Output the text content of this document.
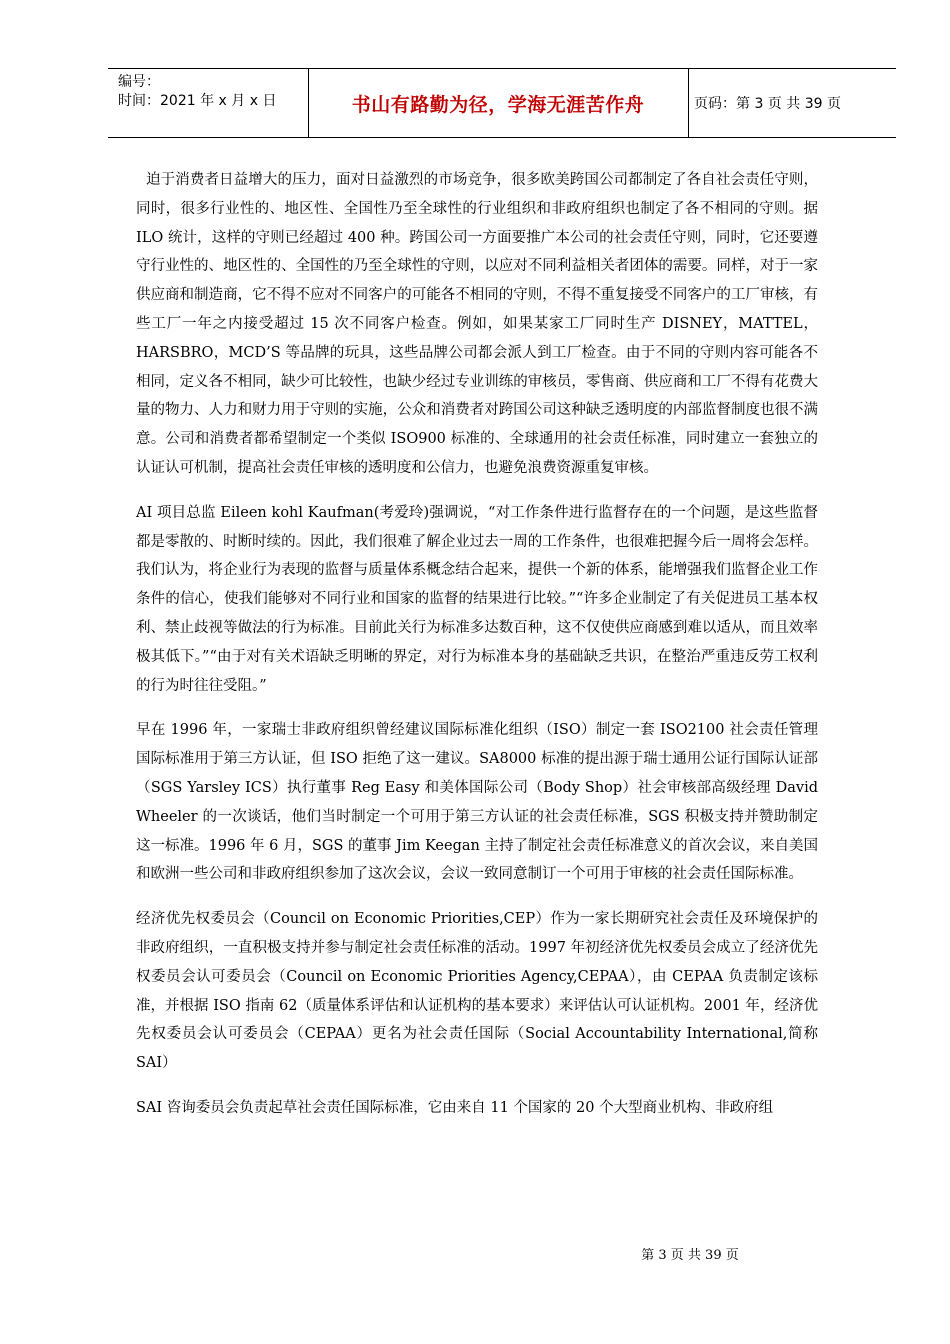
编号：
时间：2021 年 x 月 x 日	书山有路勤为径，学海无涯苦作舟	页码：第 3 页 共 39 页

迫于消费者日益增大的压力，面对日益激烈的市场竞争，很多欧美跨国公司都制定了各自社会责任守则，同时，很多行业性的、地区性、全国性乃至全球性的行业组织和非政府组织也制定了各不相同的守则。据 ILO 统计，这样的守则已经超过 400 种。跨国公司一方面要推广本公司的社会责任守则，同时，它还要遵守行业性的、地区性的、全国性的乃至全球性的守则，以应对不同利益相关者团体的需要。同样，对于一家供应商和制造商，它不得不应对不同客户的可能各不相同的守则，不得不重复接受不同客户的工厂审核，有些工厂一年之内接受超过 15 次不同客户检查。例如，如果某家工厂同时生产 DISNEY，MATTEL，HARSBRO，MCD’S 等品牌的玩具，这些品牌公司都会派人到工厂检查。由于不同的守则内容可能各不相同，定义各不相同，缺少可比较性，也缺少经过专业训练的审核员，零售商、供应商和工厂不得有花费大量的物力、人力和财力用于守则的实施，公众和消费者对跨国公司这种缺乏透明度的内部监督制度也很不满意。公司和消费者都希望制定一个类似 ISO900 标准的、全球通用的社会责任标准，同时建立一套独立的认证认可机制，提高社会责任审核的透明度和公信力，也避免浪费资源重复审核。

AI 项目总监 Eileen kohl Kaufman(考爱玲)强调说，“对工作条件进行监督存在的一个问题，是这些监督都是零散的、时断时续的。因此，我们很难了解企业过去一周的工作条件，也很难把握今后一周将会怎样。我们认为，将企业行为表现的监督与质量体系概念结合起来，提供一个新的体系，能增强我们监督企业工作条件的信心，使我们能够对不同行业和国家的监督的结果进行比较。”“许多企业制定了有关促进员工基本权利、禁止歧视等做法的行为标准。目前此关行为标准多达数百种，这不仅使供应商感到难以适从，而且效率极其低下。”“由于对有关术语缺乏明晰的界定，对行为标准本身的基础缺乏共识，在整治严重违反劳工权利的行为时往往受阻。”

早在 1996 年，一家瑞士非政府组织曾经建议国际标准化组织（ISO）制定一套 ISO2100 社会责任管理国际标准用于第三方认证，但 ISO 拒绝了这一建议。SA8000 标准的提出源于瑞士通用公证行国际认证部（SGS Yarsley ICS）执行董事 Reg Easy 和美体国际公司（Body Shop）社会审核部高级经理 David Wheeler 的一次谈话，他们当时制定一个可用于第三方认证的社会责任标准，SGS 积极支持并赞助制定这一标准。1996 年 6 月，SGS 的董事 Jim Keegan 主持了制定社会责任标准意义的首次会议，来自美国和欧洲一些公司和非政府组织参加了这次会议，会议一致同意制订一个可用于审核的社会责任国际标准。

经济优先权委员会（Council on Economic Priorities,CEP）作为一家长期研究社会责任及环境保护的非政府组织，一直积极支持并参与制定社会责任标准的活动。1997 年初经济优先权委员会成立了经济优先权委员会认可委员会（Council on Economic Priorities Agency,CEPAA），由 CEPAA 负责制定该标准，并根据 ISO 指南 62（质量体系评估和认证机构的基本要求）来评估认可认证机构。2001 年，经济优先权委员会认可委员会（CEPAA）更名为社会责任国际（Social Accountability International,简称 SAI）

SAI 咨询委员会负责起草社会责任国际标准，它由来自 11 个国家的 20 个大型商业机构、非政府组

第 3 页 共 39 页
